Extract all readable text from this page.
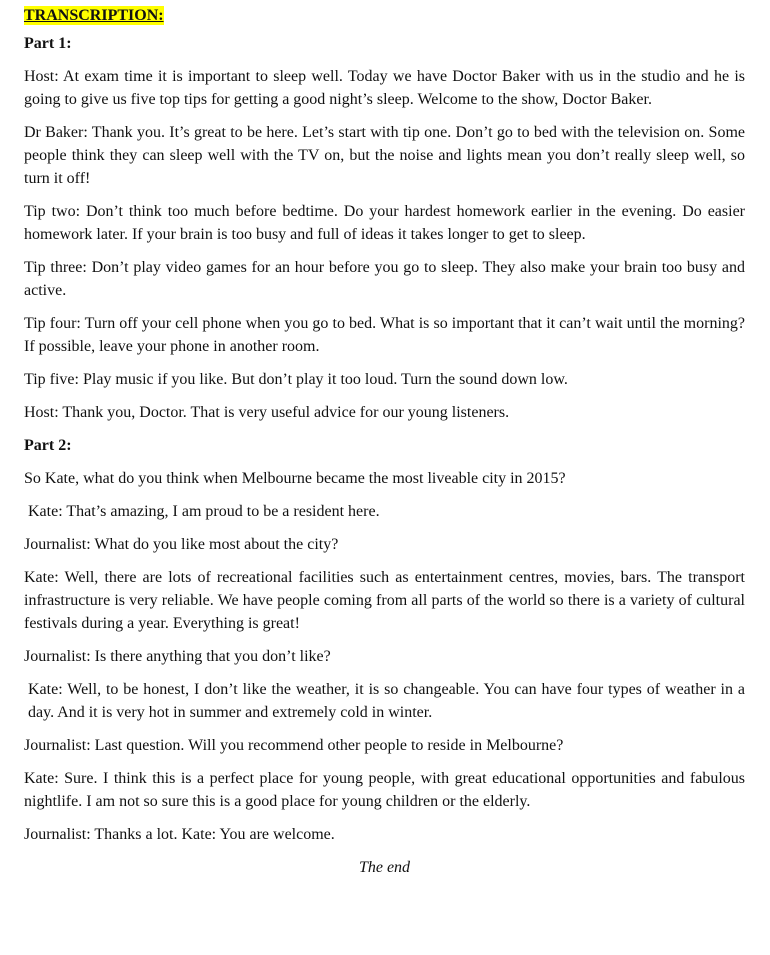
TRANSCRIPTION:
Part 1:

Host: At exam time it is important to sleep well. Today we have Doctor Baker with us in the studio and he is going to give us five top tips for getting a good night’s sleep. Welcome to the show, Doctor Baker.

Dr Baker: Thank you. It’s great to be here. Let’s start with tip one. Don’t go to bed with the television on. Some people think they can sleep well with the TV on, but the noise and lights mean you don’t really sleep well, so turn it off!

Tip two: Don’t think too much before bedtime. Do your hardest homework earlier in the evening. Do easier homework later. If your brain is too busy and full of ideas it takes longer to get to sleep.

Tip three: Don’t play video games for an hour before you go to sleep. They also make your brain too busy and active.

Tip four: Turn off your cell phone when you go to bed. What is so important that it can’t wait until the morning? If possible, leave your phone in another room.

Tip five: Play music if you like. But don’t play it too loud. Turn the sound down low.

Host: Thank you, Doctor. That is very useful advice for our young listeners.

Part 2:

So Kate, what do you think when Melbourne became the most liveable city in 2015?

Kate: That’s amazing, I am proud to be a resident here.

Journalist: What do you like most about the city?

Kate: Well, there are lots of recreational facilities such as entertainment centres, movies, bars. The transport infrastructure is very reliable. We have people coming from all parts of the world so there is a variety of cultural festivals during a year. Everything is great!

Journalist: Is there anything that you don’t like?

Kate: Well, to be honest, I don’t like the weather, it is so changeable. You can have four types of weather in a day. And it is very hot in summer and extremely cold in winter.

Journalist: Last question. Will you recommend other people to reside in Melbourne?

Kate: Sure. I think this is a perfect place for young people, with great educational opportunities and fabulous nightlife. I am not so sure this is a good place for young children or the elderly.

Journalist: Thanks a lot. Kate: You are welcome.

The end
